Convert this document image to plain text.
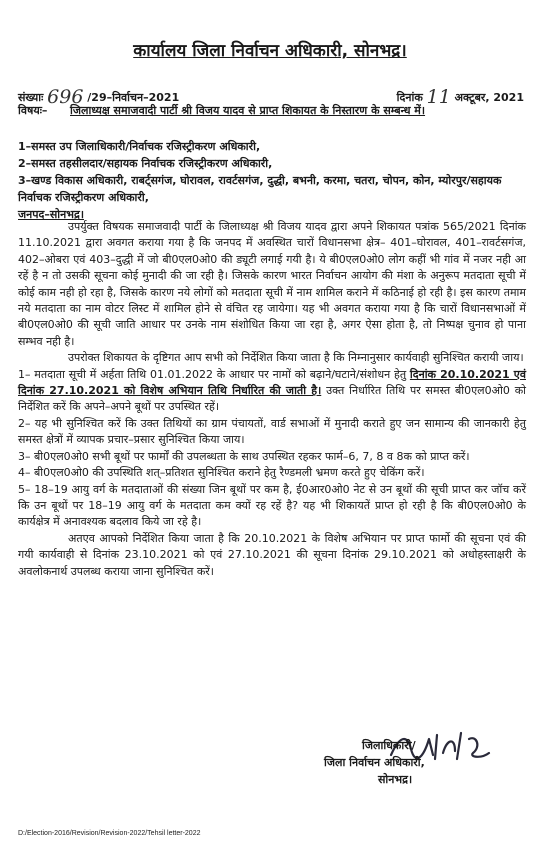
कार्यालय जिला निर्वाचन अधिकारी, सोनभद्र।
संख्याः 696 /29–निर्वाचन–2021	दिनांक 11 अक्टूबर, 2021
विषयः– जिलाध्यक्ष समाजवादी पार्टी श्री विजय यादव से प्राप्त शिकायत के निस्तारण के सम्बन्ध में।
1–समस्त उप जिलाधिकारी/निर्वाचक रजिस्ट्रीकरण अधिकारी,
2–समस्त तहसीलदार/सहायक निर्वाचक रजिस्ट्रीकरण अधिकारी,
3–खण्ड विकास अधिकारी, राबर्ट्सगंज, घोरावल, रावर्टसगंज, दुद्धी, बभनी, करमा, चतरा, चोपन, कोन, म्योरपुर/सहायक निर्वाचक रजिस्ट्रीकरण अधिकारी,
जनपद–सोनभद्र।

उपर्युक्त विषयक समाजवादी पार्टी के जिलाध्यक्ष श्री विजय यादव द्वारा अपने शिकायत पत्रांक 565/2021 दिनांक 11.10.2021 द्वारा अवगत कराया गया है कि जनपद में अवस्थित चारों विधानसभा क्षेत्र– 401–घोरावल, 401–रावर्टसगंज, 402–ओबरा एवं 403–दुद्धी में जो बी0एल0ओ0 की ड्यूटी लगाई गयी है। ये बी0एल0ओ0 लोग कहीं भी गांव में नजर नही आ रहें है न तो उसकी सूचना कोई मुनादी की जा रही है। जिसके कारण भारत निर्वाचन आयोग की मंशा के अनुरूप मतदाता सूची में कोई काम नही हो रहा है, जिसके कारण नये लोगों को मतदाता सूची में नाम शामिल कराने में कठिनाई हो रही है। इस कारण तमाम नये मतदाता का नाम वोटर लिस्ट में शामिल होने से वंचित रह जायेगा। यह भी अवगत कराया गया है कि चारों विधानसभाओं में बी0एल0ओ0 की सूची जाति आधार पर उनके नाम संशोधित किया जा रहा है, अगर ऐसा होता है, तो निष्पक्ष चुनाव हो पाना सम्भव नही है।

उपरोक्त शिकायत के दृष्टिगत आप सभी को निर्देशित किया जाता है कि निम्नानुसार कार्यवाही सुनिश्चित करायी जाय।

1– मतदाता सूची में अर्हता तिथि 01.01.2022 के आधार पर नामों को बढ़ाने/घटाने/संशोधन हेतु दिनांक 20.10.2021 एवं दिनांक 27.10.2021 को विशेष अभियान तिथि निर्धारित की जाती है। उक्त निर्धारित तिथि पर समस्त बी0एल0ओ0 को निर्देशित करें कि अपने–अपने बूथों पर उपस्थित रहें।

2– यह भी सुनिश्चित करें कि उक्त तिथियों का ग्राम पंचायतों, वार्ड सभाओं में मुनादी कराते हुए जन सामान्य की जानकारी हेतु समस्त क्षेत्रों में व्यापक प्रचार–प्रसार सुनिश्चित किया जाय।

3– बी0एल0ओ0 सभी बूथों पर फार्मों की उपलब्धता के साथ उपस्थित रहकर फार्म–6, 7, 8 व 8क को प्राप्त करें।

4– बी0एल0ओ0 की उपस्थिति शत्–प्रतिशत सुनिश्चित कराने हेतु रैण्डमली भ्रमण करते हुए चेकिंग करें।

5– 18–19 आयु वर्ग के मतदाताओं की संख्या जिन बूथों पर कम है, ई0आर0ओ0 नेट से उन बूथों की सूची प्राप्त कर जॉच करें कि उन बूथों पर 18–19 आयु वर्ग के मतदाता कम क्यों रह रहें है? यह भी शिकायतें प्राप्त हो रही है कि बी0एल0ओ0 के कार्यक्षेत्र में अनावश्यक बदलाव किये जा रहे है।

अतएव आपको निर्देशित किया जाता है कि 20.10.2021 के विशेष अभियान पर प्राप्त फार्मो की सूचना एवं की गयी कार्यवाही से दिनांक 23.10.2021 को एवं 27.10.2021 की सूचना दिनांक 29.10.2021 को अधोहस्ताक्षरी के अवलोकनार्थ उपलब्ध कराया जाना सुनिश्चित करें।

जिलाधिकारी/
जिला निर्वाचन अधिकारी,
सोनभद्र।
D:/Election-2016/Revision/Revision-2022/Tehsil letter-2022
